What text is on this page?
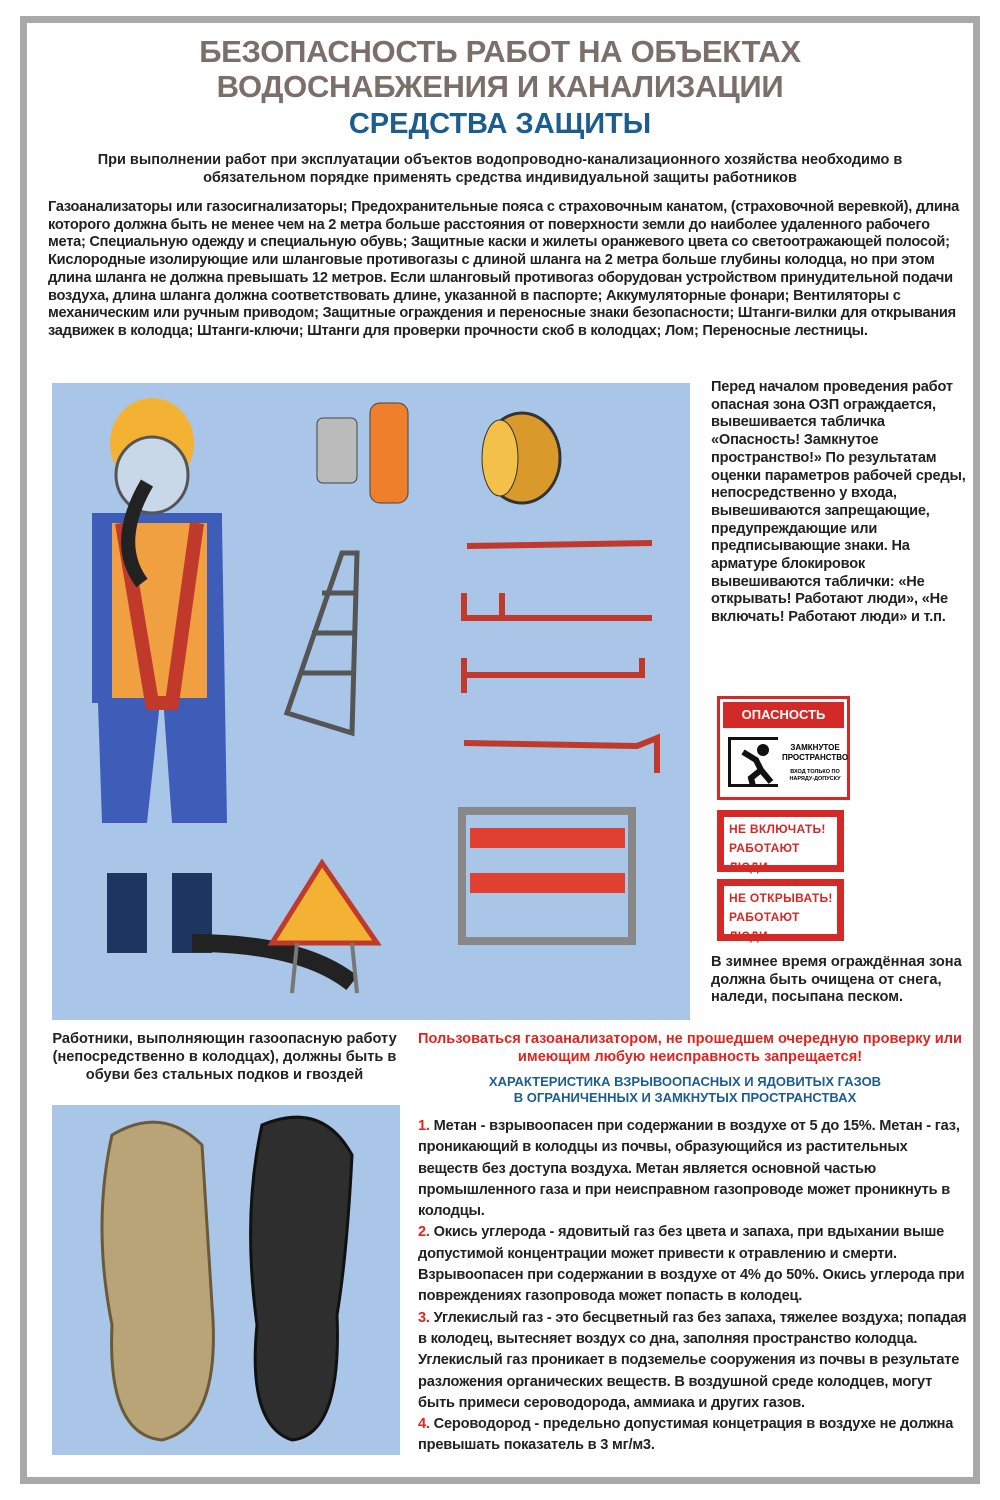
БЕЗОПАСНОСТЬ РАБОТ НА ОБЪЕКТАХ
ВОДОСНАБЖЕНИЯ И КАНАЛИЗАЦИИ
СРЕДСТВА ЗАЩИТЫ
При выполнении работ при эксплуатации объектов водопроводно-канализационного хозяйства необходимо в обязательном порядке применять средства индивидуальной защиты работников
Газоанализаторы или газосигнализаторы; Предохранительные пояса с страховочным канатом, (страховочной веревкой), длина которого должна быть не менее чем на 2 метра больше расстояния от поверхности земли до наиболее удаленного рабочего мета; Специальную одежду и специальную обувь; Защитные каски и жилеты оранжевого цвета со светоотражающей полосой; Кислородные изолирующие или шланговые противогазы с длиной шланга на 2 метра больше глубины колодца, но при этом длина шланга не должна превышать 12 метров. Если шланговый противогаз оборудован устройством принудительной подачи воздуха, длина шланга должна соответствовать длине, указанной в паспорте; Аккумуляторные фонари; Вентиляторы с механическим или ручным приводом; Защитные ограждения и переносные знаки безопасности; Штанги-вилки для открывания задвижек в колодца; Штанги-ключи; Штанги для проверки прочности скоб в колодцах; Лом; Переносные лестницы.
Перед началом проведения работ опасная зона ОЗП ограждается, вывешивается табличка «Опасность! Замкнутое пространство!» По результатам оценки параметров рабочей среды, непосредственно у входа, вывешиваются запрещающие, предупреждающие или предписывающие знаки. На арматуре блокировок вывешиваются таблички: «Не открывать! Работают люди», «Не включать! Работают люди» и т.п.
ОПАСНОСТЬ
ЗАМКНУТОЕ ПРОСТРАНСТВО
ВХОД ТОЛЬКО ПО НАРЯДУ-ДОПУСКУ
НЕ ВКЛЮЧАТЬ!
РАБОТАЮТ ЛЮДИ
НЕ ОТКРЫВАТЬ!
РАБОТАЮТ ЛЮДИ
В зимнее время ограждённая зона должна быть очищена от снега, наледи, посыпана песком.
Работники, выполняющин газоопасную работу (непосредственно в колодцах), должны быть в обуви без стальных подков и гвоздей
Пользоваться газоанализатором, не прошедшем очередную проверку или имеющим любую неисправность запрещается!
ХАРАКТЕРИСТИКА ВЗРЫВООПАСНЫХ И ЯДОВИТЫХ ГАЗОВ
В ОГРАНИЧЕННЫХ И ЗАМКНУТЫХ ПРОСТРАНСТВАХ
1. Метан - взрывоопасен при содержании в воздухе от 5 до 15%. Метан - газ, проникающий в колодцы из почвы, образующийся из растительных веществ без доступа воздуха. Метан является основной частью промышленного газа и при неисправном газопроводе может проникнуть в колодцы.
2. Окись углерода - ядовитый газ без цвета и запаха, при вдыхании выше допустимой концентрации может привести к отравлению и смерти. Взрывоопасен при содержании в воздухе от 4% до 50%. Окись углерода при повреждениях газопровода может попасть в колодец.
3. Углекислый газ - это бесцветный газ без запаха, тяжелее воздуха; попадая в колодец, вытесняет воздух со дна, заполняя пространство колодца. Углекислый газ проникает в подземелье сооружения из почвы в результате разложения органических веществ. В воздушной среде колодцев, могут быть примеси сероводорода, аммиака и других газов.
4. Сероводород - предельно допустимая концетрация в воздухе не должна превышать показатель в 3 мг/м3.
